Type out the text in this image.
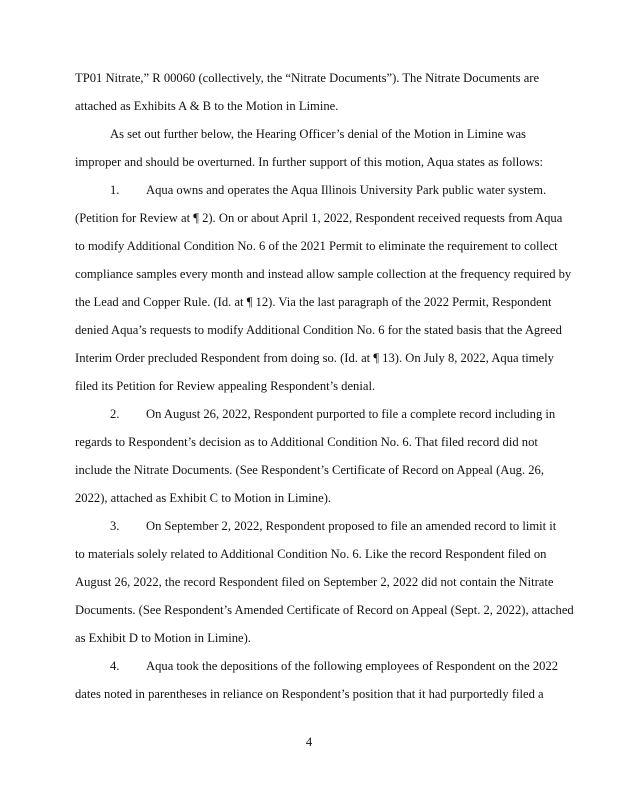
TP01 Nitrate,” R 00060 (collectively, the “Nitrate Documents”). The Nitrate Documents are
attached as Exhibits A & B to the Motion in Limine.
As set out further below, the Hearing Officer’s denial of the Motion in Limine was
improper and should be overturned. In further support of this motion, Aqua states as follows:
1.	Aqua owns and operates the Aqua Illinois University Park public water system.
(Petition for Review at ¶ 2). On or about April 1, 2022, Respondent received requests from Aqua
to modify Additional Condition No. 6 of the 2021 Permit to eliminate the requirement to collect
compliance samples every month and instead allow sample collection at the frequency required by
the Lead and Copper Rule. (Id. at ¶ 12). Via the last paragraph of the 2022 Permit, Respondent
denied Aqua’s requests to modify Additional Condition No. 6 for the stated basis that the Agreed
Interim Order precluded Respondent from doing so. (Id. at ¶ 13). On July 8, 2022, Aqua timely
filed its Petition for Review appealing Respondent’s denial.
2.	On August 26, 2022, Respondent purported to file a complete record including in
regards to Respondent’s decision as to Additional Condition No. 6. That filed record did not
include the Nitrate Documents. (See Respondent’s Certificate of Record on Appeal (Aug. 26,
2022), attached as Exhibit C to Motion in Limine).
3.	On September 2, 2022, Respondent proposed to file an amended record to limit it
to materials solely related to Additional Condition No. 6. Like the record Respondent filed on
August 26, 2022, the record Respondent filed on September 2, 2022 did not contain the Nitrate
Documents. (See Respondent’s Amended Certificate of Record on Appeal (Sept. 2, 2022), attached
as Exhibit D to Motion in Limine).
4.	Aqua took the depositions of the following employees of Respondent on the 2022
dates noted in parentheses in reliance on Respondent’s position that it had purportedly filed a
4
